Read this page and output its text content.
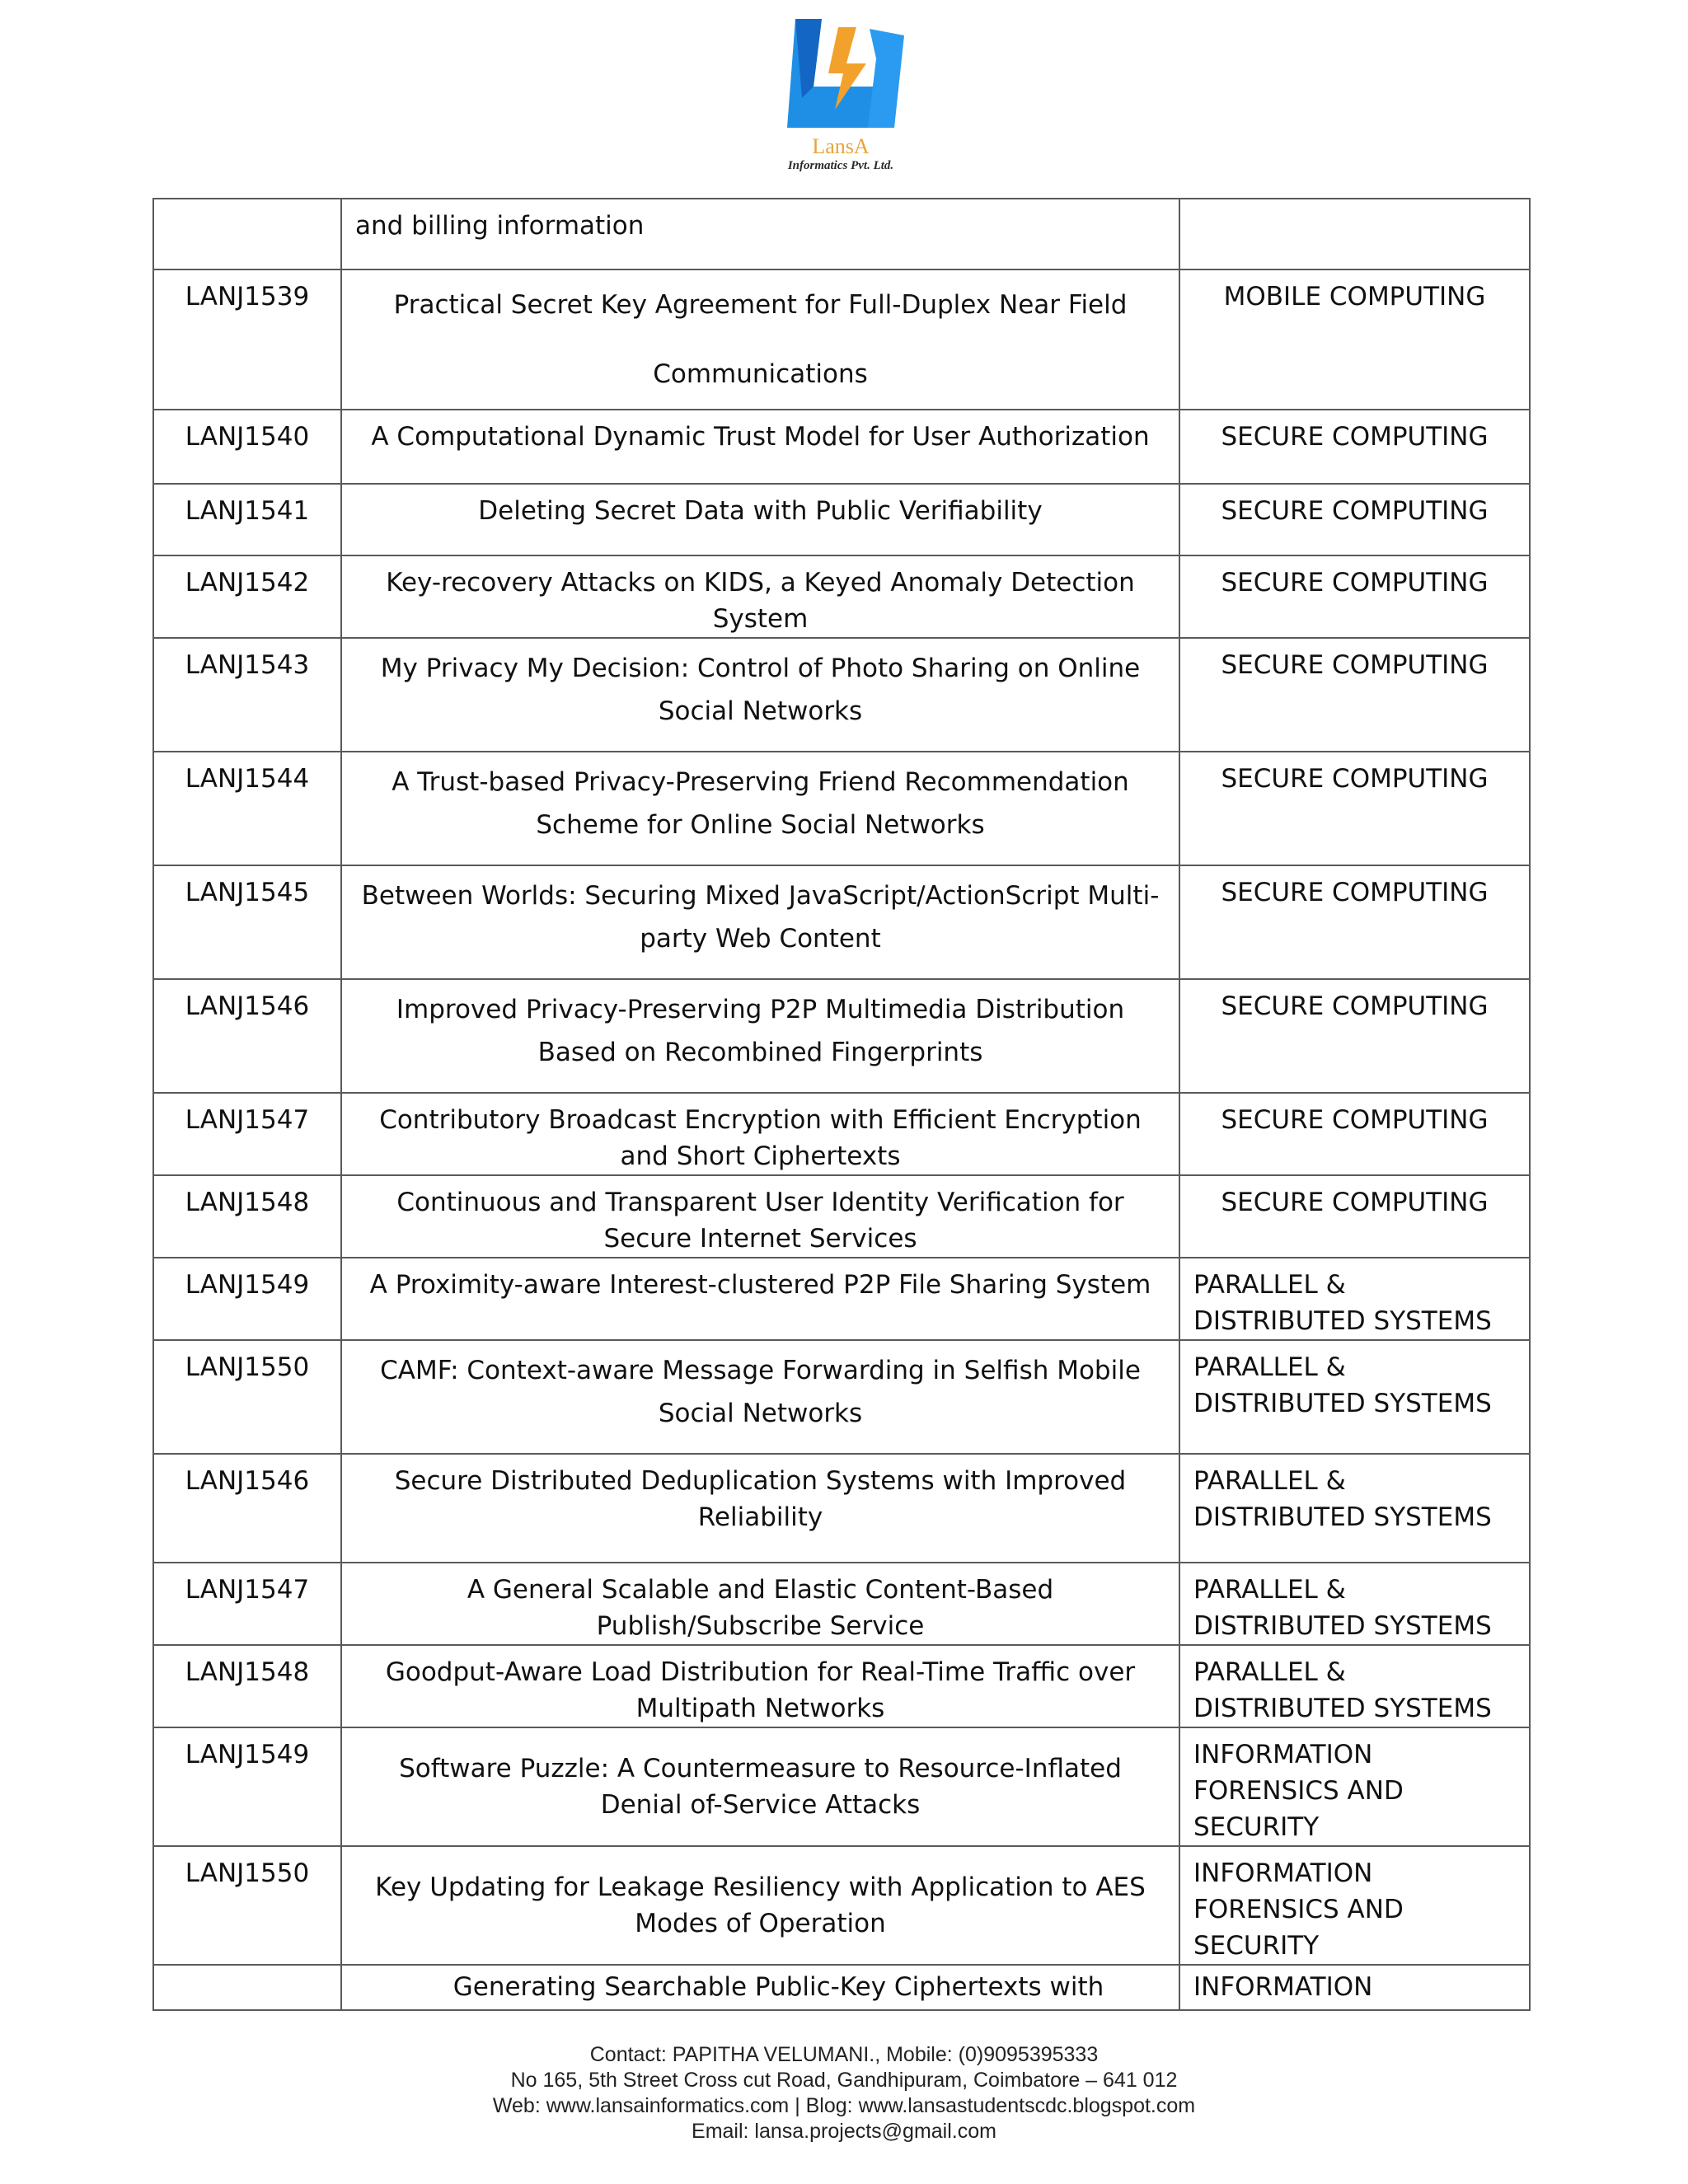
LansA
Informatics Pvt. Ltd.
	and billing information	
LANJ1539	Practical Secret Key Agreement for Full-Duplex Near Field Communications	MOBILE COMPUTING
LANJ1540	A Computational Dynamic Trust Model for User Authorization	SECURE COMPUTING
LANJ1541	Deleting Secret Data with Public Verifiability	SECURE COMPUTING
LANJ1542	Key-recovery Attacks on KIDS, a Keyed Anomaly Detection System	SECURE COMPUTING
LANJ1543	My Privacy My Decision: Control of Photo Sharing on Online Social Networks	SECURE COMPUTING
LANJ1544	A Trust-based Privacy-Preserving Friend Recommendation Scheme for Online Social Networks	SECURE COMPUTING
LANJ1545	Between Worlds: Securing Mixed JavaScript/ActionScript Multi-party Web Content	SECURE COMPUTING
LANJ1546	Improved Privacy-Preserving P2P Multimedia Distribution Based on Recombined Fingerprints	SECURE COMPUTING
LANJ1547	Contributory Broadcast Encryption with Efficient Encryption and Short Ciphertexts	SECURE COMPUTING
LANJ1548	Continuous and Transparent User Identity Verification for Secure Internet Services	SECURE COMPUTING
LANJ1549	A Proximity-aware Interest-clustered P2P File Sharing System	PARALLEL & DISTRIBUTED SYSTEMS
LANJ1550	CAMF: Context-aware Message Forwarding in Selfish Mobile Social Networks	PARALLEL & DISTRIBUTED SYSTEMS
LANJ1546	Secure Distributed Deduplication Systems with Improved Reliability	PARALLEL & DISTRIBUTED SYSTEMS
LANJ1547	A General Scalable and Elastic Content-Based Publish/Subscribe Service	PARALLEL & DISTRIBUTED SYSTEMS
LANJ1548	Goodput-Aware Load Distribution for Real-Time Traffic over Multipath Networks	PARALLEL & DISTRIBUTED SYSTEMS
LANJ1549	Software Puzzle: A Countermeasure to Resource-Inflated Denial of-Service Attacks	INFORMATION FORENSICS AND SECURITY
LANJ1550	Key Updating for Leakage Resiliency with Application to AES Modes of Operation	INFORMATION FORENSICS AND SECURITY
	Generating Searchable Public-Key Ciphertexts with	INFORMATION
Contact: PAPITHA VELUMANI., Mobile: (0)9095395333
No 165, 5th Street Cross cut Road, Gandhipuram, Coimbatore – 641 012
Web: www.lansainformatics.com | Blog: www.lansastudentscdc.blogspot.com
Email: lansa.projects@gmail.com
